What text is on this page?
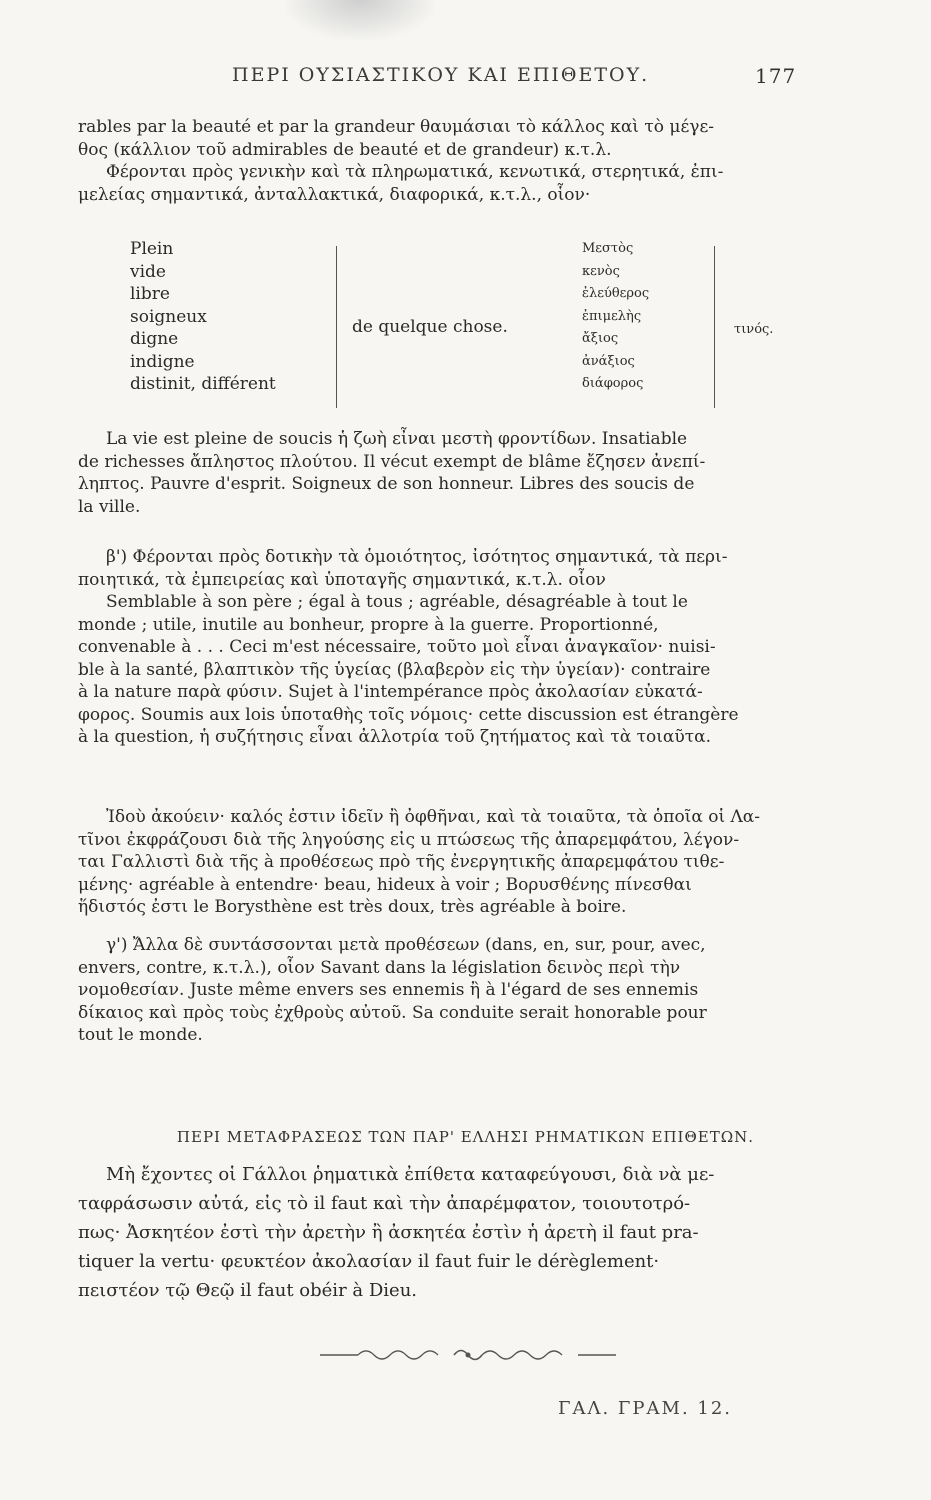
ΠΕΡΙ ΟΥΣΙΑΣΤΙΚΟΥ ΚΑΙ ΕΠΙΘΕΤΟΥ.	177

rables par la beauté et par la grandeur θαυμάσιαι τὸ κάλλος καὶ τὸ μέγε-

θος (κάλλιον τοῦ admirables de beauté et de grandeur) κ.τ.λ.

Φέρονται πρὸς γενικὴν καὶ τὰ πληρωματικά, κενωτικά, στερητικά, ἐπι-

μελείας σημαντικά, ἀνταλλακτικά, διαφορικά, κ.τ.λ., οἷον·

Plein
vide
libre
soigneux
digne
indigne
distinit, différent
de quelque chose.
Μεστὸς
κενὸς
ἐλεύθερος
ἐπιμελὴς
ἄξιος
ἀνάξιος
διάφορος
τινός.

La vie est pleine de soucis ἡ ζωὴ εἶναι μεστὴ φροντίδων. Insatiable

de richesses ἄπληστος πλούτου. Il vécut exempt de blâme ἔζησεν ἀνεπί-

ληπτος. Pauvre d'esprit. Soigneux de son honneur. Libres des soucis de

la ville.

β') Φέρονται πρὸς δοτικὴν τὰ ὁμοιότητος, ἰσότητος σημαντικά, τὰ περι-

ποιητικά, τὰ ἐμπειρείας καὶ ὑποταγῆς σημαντικά, κ.τ.λ. οἷον

Semblable à son père ; égal à tous ; agréable, désagréable à tout le

monde ; utile, inutile au bonheur, propre à la guerre. Proportionné,

convenable à . . . Ceci m'est nécessaire, τοῦτο μοὶ εἶναι ἀναγκαῖον· nuisi-

ble à la santé, βλαπτικὸν τῆς ὑγείας (βλαβερὸν εἰς τὴν ὑγείαν)· contraire

à la nature παρὰ φύσιν. Sujet à l'intempérance πρὸς ἀκολασίαν εὐκατά-

φορος. Soumis aux lois ὑποταθὴς τοῖς νόμοις· cette discussion est étrangère

à la question, ἡ συζήτησις εἶναι ἀλλοτρία τοῦ ζητήματος καὶ τὰ τοιαῦτα.

Ἰδοὺ ἀκούειν· καλός ἐστιν ἰδεῖν ἢ ὀφθῆναι, καὶ τὰ τοιαῦτα, τὰ ὁποῖα οἱ Λα-

τῖνοι ἐκφράζουσι διὰ τῆς ληγούσης εἰς u πτώσεως τῆς ἀπαρεμφάτου, λέγον-

ται Γαλλιστὶ διὰ τῆς à προθέσεως πρὸ τῆς ἐνεργητικῆς ἀπαρεμφάτου τιθε-

μένης· agréable à entendre· beau, hideux à voir ; Βορυσθένης πίνεσθαι

ἥδιστός ἐστι le Borysthène est très doux, très agréable à boire.

γ') Ἄλλα δὲ συντάσσονται μετὰ προθέσεων (dans, en, sur, pour, avec,

envers, contre, κ.τ.λ.), οἷον Savant dans la législation δεινὸς περὶ τὴν

νομοθεσίαν. Juste même envers ses ennemis ἢ à l'égard de ses ennemis

δίκαιος καὶ πρὸς τοὺς ἐχθροὺς αὐτοῦ. Sa conduite serait honorable pour

tout le monde.

ΠΕΡΙ ΜΕΤΑΦΡΑΣΕΩΣ ΤΩΝ ΠΑΡ' ΕΛΛΗΣΙ ΡΗΜΑΤΙΚΩΝ ΕΠΙΘΕΤΩΝ.

Μὴ ἔχοντες οἱ Γάλλοι ῥηματικὰ ἐπίθετα καταφεύγουσι, διὰ νὰ με-

ταφράσωσιν αὐτά, εἰς τὸ il faut καὶ τὴν ἀπαρέμφατον, τοιουτοτρό-

πως· Ἀσκητέον ἐστὶ τὴν ἀρετὴν ἢ ἀσκητέα ἐστὶν ἡ ἀρετὴ il faut pra-

tiquer la vertu· φευκτέον ἀκολασίαν il faut fuir le dérèglement·

πειστέον τῷ Θεῷ il faut obéir à Dieu.

ΓΑΛ. ΓΡΑΜ. 12.
